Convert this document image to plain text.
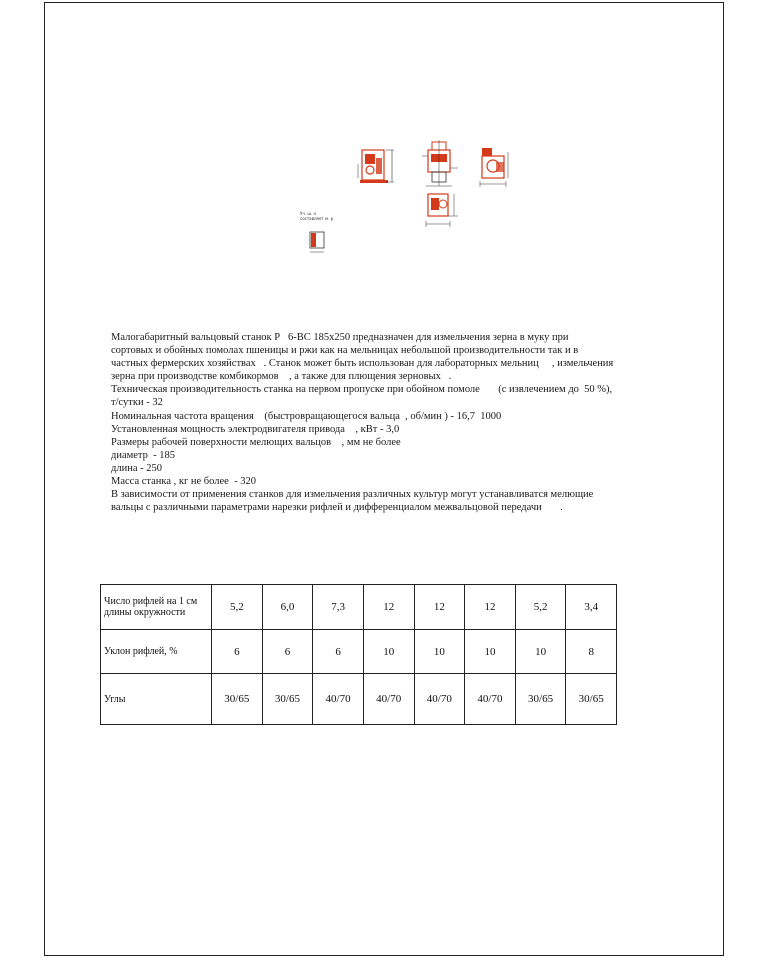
Уч. ш. н
составляет м. р

Малогабаритный вальцовый станок Р   6-ВС 185х250 предназначен для измельчения зерна в муку при

сортовых и обойных помолах пшеницы и ржи как на мельницах небольшой производительности так и в

частных фермерских хозяйствах   . Станок может быть использован для лабораторных мельниц     , измельчения

зерна при производстве комбикормов    , а также для плющения зерновых   .

Техническая производительность станка на первом пропуске при обойном помоле       (с извлечением до  50 %),

т/сутки - 32

Номинальная частота вращения    (быстровращающегося вальца  , об/мин ) - 16,7  1000

Установленная мощность электродвигателя привода    , кВт - 3,0

Размеры рабочей поверхности мелющих вальцов    , мм не более

диаметр  - 185

длина - 250

Масса станка , кг не более  - 320

В зависимости от применения станков для измельчения различных культур могут устанавливатся мелющие

вальцы с различными параметрами нарезки рифлей и дифференциалом межвальцовой передачи       .

Число рифлей на 1 см длины окружности	5,2	6,0	7,3	12	12	12	5,2	3,4
Уклон рифлей, %	6	6	6	10	10	10	10	8
Углы	30/65	30/65	40/70	40/70	40/70	40/70	30/65	30/65
